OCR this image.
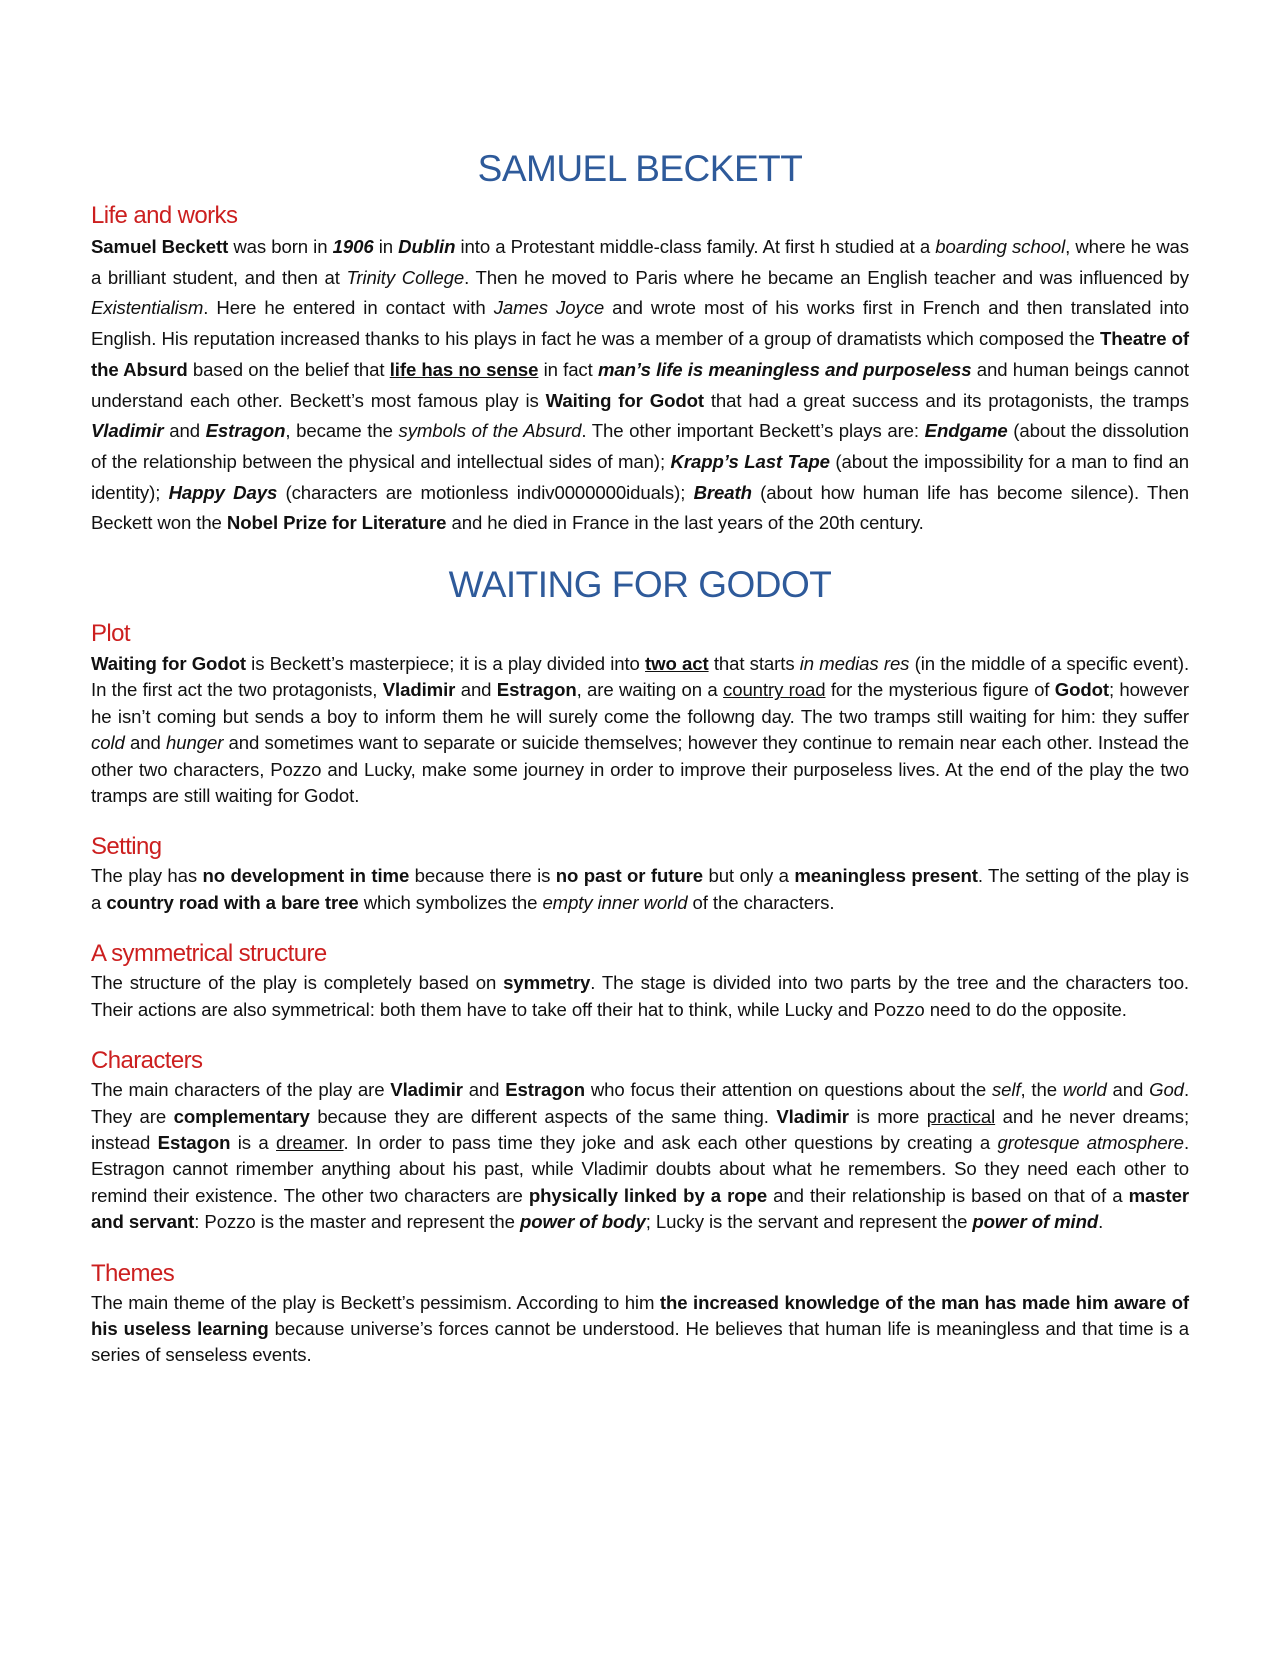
SAMUEL BECKETT
Life and works

Samuel Beckett was born in 1906 in Dublin into a Protestant middle-class family. At first h studied at a boarding school, where he was a brilliant student, and then at Trinity College. Then he moved to Paris where he became an English teacher and was influenced by Existentialism. Here he entered in contact with James Joyce and wrote most of his works first in French and then translated into English. His reputation increased thanks to his plays in fact he was a member of a group of dramatists which composed the Theatre of the Absurd based on the belief that life has no sense in fact man’s life is meaningless and purposeless and human beings cannot understand each other. Beckett’s most famous play is Waiting for Godot that had a great success and its protagonists, the tramps Vladimir and Estragon, became the symbols of the Absurd. The other important Beckett’s plays are: Endgame (about the dissolution of the relationship between the physical and intellectual sides of man); Krapp’s Last Tape (about the impossibility for a man to find an identity); Happy Days (characters are motionless indiv0000000iduals); Breath (about how human life has become silence). Then Beckett won the Nobel Prize for Literature and he died in France in the last years of the 20th century.

WAITING FOR GODOT
Plot

Waiting for Godot is Beckett’s masterpiece; it is a play divided into two act that starts in medias res (in the middle of a specific event). In the first act the two protagonists, Vladimir and Estragon, are waiting on a country road for the mysterious figure of Godot; however he isn’t coming but sends a boy to inform them he will surely come the followng day. The two tramps still waiting for him: they suffer cold and hunger and sometimes want to separate or suicide themselves; however they continue to remain near each other. Instead the other two characters, Pozzo and Lucky, make some journey in order to improve their purposeless lives. At the end of the play the two tramps are still waiting for Godot.

Setting

The play has no development in time because there is no past or future but only a meaningless present. The setting of the play is a country road with a bare tree which symbolizes the empty inner world of the characters.

A symmetrical structure

The structure of the play is completely based on symmetry. The stage is divided into two parts by the tree and the characters too. Their actions are also symmetrical: both them have to take off their hat to think, while Lucky and Pozzo need to do the opposite.

Characters

The main characters of the play are Vladimir and Estragon who focus their attention on questions about the self, the world and God. They are complementary because they are different aspects of the same thing. Vladimir is more practical and he never dreams; instead Estagon is a dreamer. In order to pass time they joke and ask each other questions by creating a grotesque atmosphere. Estragon cannot rimember anything about his past, while Vladimir doubts about what he remembers. So they need each other to remind their existence. The other two characters are physically linked by a rope and their relationship is based on that of a master and servant: Pozzo is the master and represent the power of body; Lucky is the servant and represent the power of mind.

Themes

The main theme of the play is Beckett’s pessimism. According to him the increased knowledge of the man has made him aware of his useless learning because universe’s forces cannot be understood. He believes that human life is meaningless and that time is a series of senseless events.
